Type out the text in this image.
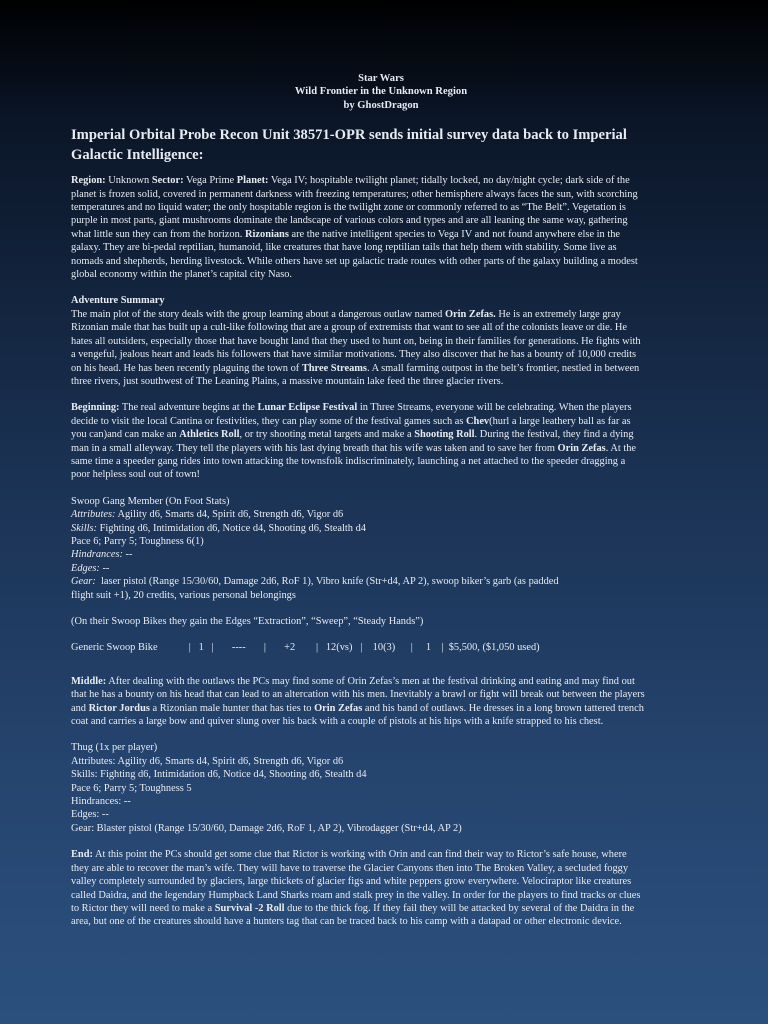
Star Wars
Wild Frontier in the Unknown Region
by GhostDragon
Imperial Orbital Probe Recon Unit 38571-OPR sends initial survey data back to Imperial
Galactic Intelligence:
Region: Unknown Sector: Vega Prime Planet: Vega IV; hospitable twilight planet; tidally locked, no day/night cycle; dark side of the
planet is frozen solid, covered in permanent darkness with freezing temperatures; other hemisphere always faces the sun, with scorching
temperatures and no liquid water; the only hospitable region is the twilight zone or commonly referred to as “The Belt”. Vegetation is
purple in most parts, giant mushrooms dominate the landscape of various colors and types and are all leaning the same way, gathering
what little sun they can from the horizon. Rizonians are the native intelligent species to Vega IV and not found anywhere else in the
galaxy. They are bi-pedal reptilian, humanoid, like creatures that have long reptilian tails that help them with stability. Some live as
nomads and shepherds, herding livestock. While others have set up galactic trade routes with other parts of the galaxy building a modest
global economy within the planet’s capital city Naso.
Adventure Summary
The main plot of the story deals with the group learning about a dangerous outlaw named Orin Zefas. He is an extremely large gray
Rizonian male that has built up a cult-like following that are a group of extremists that want to see all of the colonists leave or die. He
hates all outsiders, especially those that have bought land that they used to hunt on, being in their families for generations. He fights with
a vengeful, jealous heart and leads his followers that have similar motivations. They also discover that he has a bounty of 10,000 credits
on his head. He has been recently plaguing the town of Three Streams. A small farming outpost in the belt’s frontier, nestled in between
three rivers, just southwest of The Leaning Plains, a massive mountain lake feed the three glacier rivers.
Beginning: The real adventure begins at the Lunar Eclipse Festival in Three Streams, everyone will be celebrating. When the players
decide to visit the local Cantina or festivities, they can play some of the festival games such as Chev(hurl a large leathery ball as far as
you can)and can make an Athletics Roll, or try shooting metal targets and make a Shooting Roll. During the festival, they find a dying
man in a small alleyway. They tell the players with his last dying breath that his wife was taken and to save her from Orin Zefas. At the
same time a speeder gang rides into town attacking the townsfolk indiscriminately, launching a net attached to the speeder dragging a
poor helpless soul out of town!
Swoop Gang Member (On Foot Stats)
Attributes: Agility d6, Smarts d4, Spirit d6, Strength d6, Vigor d6
Skills: Fighting d6, Intimidation d6, Notice d4, Shooting d6, Stealth d4
Pace 6; Parry 5; Toughness 6(1)
Hindrances: --
Edges: --
Gear:  laser pistol (Range 15/30/60, Damage 2d6, RoF 1), Vibro knife (Str+d4, AP 2), swoop biker’s garb (as padded
flight suit +1), 20 credits, various personal belongings
(On their Swoop Bikes they gain the Edges “Extraction”, “Sweep”, “Steady Hands”)
Generic Swoop Bike            |   1   |       ----       |       +2        |   12(vs)   |    10(3)      |     1    |  $5,500, ($1,050 used)
Middle: After dealing with the outlaws the PCs may find some of Orin Zefas’s men at the festival drinking and eating and may find out
that he has a bounty on his head that can lead to an altercation with his men. Inevitably a brawl or fight will break out between the players
and Rictor Jordus a Rizonian male hunter that has ties to Orin Zefas and his band of outlaws. He dresses in a long brown tattered trench
coat and carries a large bow and quiver slung over his back with a couple of pistols at his hips with a knife strapped to his chest.
Thug (1x per player)
Attributes: Agility d6, Smarts d4, Spirit d6, Strength d6, Vigor d6
Skills: Fighting d6, Intimidation d6, Notice d4, Shooting d6, Stealth d4
Pace 6; Parry 5; Toughness 5
Hindrances: --
Edges: --
Gear: Blaster pistol (Range 15/30/60, Damage 2d6, RoF 1, AP 2), Vibrodagger (Str+d4, AP 2)
End: At this point the PCs should get some clue that Rictor is working with Orin and can find their way to Rictor’s safe house, where
they are able to recover the man’s wife. They will have to traverse the Glacier Canyons then into The Broken Valley, a secluded foggy
valley completely surrounded by glaciers, large thickets of glacier figs and white peppers grow everywhere. Velociraptor like creatures
called Daidra, and the legendary Humpback Land Sharks roam and stalk prey in the valley. In order for the players to find tracks or clues
to Rictor they will need to make a Survival -2 Roll due to the thick fog. If they fail they will be attacked by several of the Daidra in the
area, but one of the creatures should have a hunters tag that can be traced back to his camp with a datapad or other electronic device.
